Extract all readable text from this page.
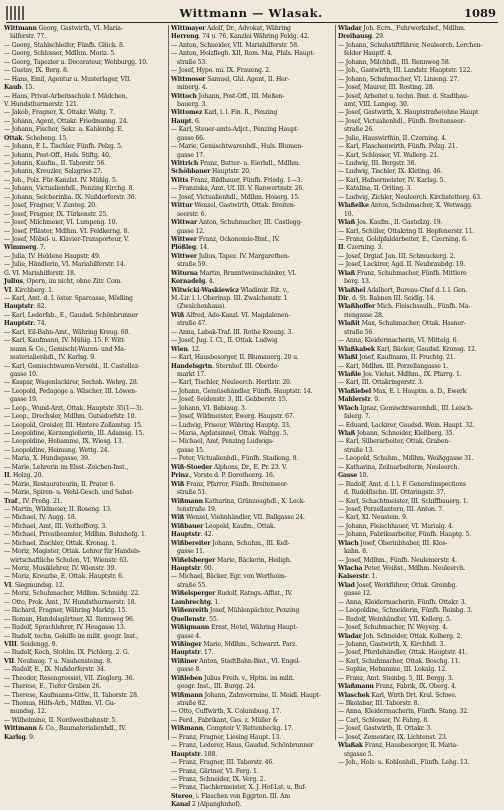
Wittmann — Wlasak.	1089
Wittmann Georg, Gastwirth, VI. Maria-
hilferstr. 77.
— Georg, Stahlschleifer, Fünfh. Glück. 8.
— Georg, Schlosser, Mdlhm. Moriz. 5.
— Georg, Tapezier u. Decorateur, Wehburgg. 10.
— Gustav, IX. Berg. 8.
— Hans, Emil, Agentur u. Musterlager, VII.
Kaub. 15.
— Hans, Privat-Arbeitsschule f. Mädchen,
V. Hundsthurmerstr. 121.
— Jakob, Fragner, X. Ottakr. Waltg. 7.
— Johann, Agent, Ottakr. Friedmanng. 24.
— Johann, Fischer, Sekz. a. Kahlenbg. E.
Ottak. Schebeng. 15.
— Johann, F. L. Tischler, Fünfh. Pelzg. 5.
— Johann, Post-Off., Hels. Stiftg. 40.
— Johann, Kaufm., II. Taborstr. 56.
— Johann, Kreuzler, Salzgries 27.
— Joh., Polz. Für-Kanzlst. IV. Mühlg. 5.
— Johann, Victualienhdl., Penzing Kirchg. 8.
— Johann, Selcherinha. IX. Nußdorferstr. 36.
— Josef, Fragner, V. Zenteg. 20.
— Josef, Fragner, IX. Türkenstr. 25.
— Josef, Milchmeier, VI. Lumpeng. 10.
— Josef, Pfläster, Mdlhm. VI. Feldkerng. 8.
— Josef, Möbel- u. Klavier-Transporteur, V.
Wimmerg. 7.
— Julia, IV. Heldene Haupstr. 49.
— Julie, Händlerin, VI. Mariahilferstr. 14.
G. VI. Mariahilferstr. 18.
Julius, Opern, im nicht, ohne Zitr. Com.
VI. Kirchberg. 1.
— Karl, Amt. d. I. öster. Sparcasse, Mödling
Hauptstr. 82.
— Karl, Lederfab., E., Gaudsd. Schönbrunner
Hauptstr. 74.
— Karl, Eil-Bahn-Amt., Währing Kreug. 60.
— Karl, Kaufmann, IV. Mühlg. 15. F. Witt-
mann & Co., Gemischt-Waren- und Ma-
materialienhdl., IV. Karlsg. 9.
— Karl, Gemischtwaren-Versehl., II. Castellez-
gasse 10.
— Kaspar, Wagenlackirer, Sechsh. Wehrg. 28.
— Leopold, Pedagoge a. Wäscher, III. Löwen-
gasse 19.
— Leop., Wund-Arzt, Ottak. Hauptstr. 35(1—3).
— Leop., Drechsler, Mdlhm. Gutsidorfstr. 10.
— Leopold, Greisler, III. Hintere Zollamtsg. 15.
— Leopoldine, Kerzengießerin, III. Adamsg. 15.
— Leopoldine, Hebamme, IX. Wiesg. 13.
— Leopoldine, Heimung, Wettg. 24.
— Maria, X. Hundsgasse, 39.
— Marie, Lehrerin im Elsst.-Zeichen-Inst.,
II. Holzg. 20.
— Marie, Restaurateurin, II. Prater 6.
— Marie, Spiren- u. Wehl-Gesch. und Sabat-
Traf., IV. Preßg. 21.
— Martin, Wildmeier, II. Roseng. 13.
— Michael, IV. Augg. 18.
— Michael, Amt, III. Veithofferg. 3.
— Michael, Privatbeamter, Mdlhm. Bahnhofg. 1.
— Michael, Zischler, Ottak. Kronag. 1.
— Moriz, Magister, Ottak. Lehrer für Handels-
wirtschaftliche Schulen, VI. Wienstr. 63.
— Moriz, Musiklehrer, IV. Wienstr. 39.
— Moriz, Kreuzbe, E. Ottak. Hauptstr. 6.
VI. Siegmundsg. 12.
— Moriz, Schuhmacher, Mdlhm. Schmidg. 22.
— Otto, Prok. Amt., IV. Hundsthurmerstr. 18.
— Richard, Fragner, Währing Marktg. 15.
— Roman, Handelsgärtner, XI. Rennweg 96.
— Rudolf, Sprachlehrer, IV. Heugasse 13.
— Rudolf, techn. Gehilfe im milit. geogr. Inst.,
VIII. Seidengg. 9.
— Rudolf, Koch, Stohlm. IX. Pichlerg. 2. G.
VII. Neubaug. 7 u. Nauhensteing. 8.
— Rudolf, E., IX. Nußdorferstr. 34.
— Theodor, Rosengrossist, VII. Zieglerg. 36.
— Therese, E., Tiefer Graben 26.
— Therese, Kaufmanns-Gttw., II. Taborstr. 28.
— Thomas, Hilfs-Arb., Mdlhm. VI. Gu-
mundsg. 12.
— Wilhelmine, II. Nordwestbahnstr. 5.
Wittmann & Co., Baumaterialienhdl., IV.
Karlsg. 9.
Wittmayer Adolf, Dr., Advokat, Währing
Herreng. 74 u. 76, Kanzlei Währing Feldg. 42.
— Anton, Schneider, VII. Mariahilferstr. 58.
— Anton, Holzflegh. XII, Rom. Mai, Phils. Haupt-
straße 53.
— Josef, Hypo. mi. IX. Fraueng. 2.
Wittmoser Samuel, Ghl. Agent, II. Her-
minerg. 4.
Wittoch Johann, Post-Off., III. Meßen-
bauerg. 3.
Wittomez Karl, l. l. Fin. R., Penzing
Haupt. 6.
— Karl, Steuer-amts-Adjct., Penzing Haupt-
gasse 66.
— Marie, Gemischtwarenhdl., Huls. Blumen-
gasse 17.
Wittrich Franz, Butter- u. Eierhdl., Mdlhm.
Schöhbauer Hauptstr. 20.
Witts Franz, Bildhauer, Fünfh. Friedg. 1—3.
— Franziska, Amt. Uf. III. V. Ranwertnstr. 26.
— Josef, Victualienhdl., Mdlhm. Hoserg. 15.
Wittur Wenzel, Gastwirth, Ottak. Breiten-
seerstr. 6.
Wittwar Anton, Schuhmacher, III. Castlegg-
gasse 12.
Wittwer Franz, Ockonomie-Bmt., IV.
Plößleg. 14.
Wittwer Julius, Tapez. IV. Margarethen-
straße 59.
Witurna Martin, Branntweinschänker, VI.
Kornadelg. 4.
Witwicki-Waskiewicz Wladimir. Rit. v.,
M.-Lir. l. l. Oberinsp. III. Zwalchenstr. 1
(Zwalchenhaus).
Wiß Alfred, Ado-Kanzl. VI. Magdalenen-
straße 47.
— Anna, Labak-Traf. III. Rothe Kreuzg. 3.
— Josef, Jug. I. Cl., II. Ottak. Ludwig
Wien. 12.
— Karl, Hausbesorger, II. Blumauerg. 20 u.
Handelsgrtn. Sternhof. III. Oberde-
markt 17.
— Karl, Tischler, Neuleerch. Hertlstr. 20.
— Johann, Gemüsehändler, Fünfh. Hauptstr. 14.
— Josef, Seidenstr. 3, III. Gebberstr. 15.
— Johann, VI. Babiaug. 3.
— Josef, Wildmeister, Ewerg. Haupstr. 67.
— Ludwig, Friseur, Währing Hauptg. 33.
— Maria, Agdatsinnel, Ottak. Waltgg. 5.
— Michael, Amt, Penzing Ludwigs-
gasse 15.
— Peter, Victualienhdl., Fünfh. Stadiong. 9.
Wiß-Stoeder Alphons, Dr., E. Pr. 23. V.
Prinz., Vorste d. P. Dorotheerg. 16.
Wiß Franz, Pfarrer, Fünfh. Breitenseer-
straße 51.
Wißmann Katharina, Grünzeughdl., X. Leck-
tenstraße 19.
Wiß Wenzel, Viehnhändler, VII. Ballgasse 24.
Wißbauer Leopold, Kaufm., Ottak.
Hauptstr. 42.
Wißbereiter Johann, Schuhm., III. Kell-
gasse 11.
Wißelsberger Marie, Bäckerin, Heiligh.
Hauptstr. 90.
— Michael, Bäcker, Egr. von Wertheim-
straße 55.
Wißelsperger Rudolf, Ratngs.-Affist., IV.
Lambrechtg. 1.
Wißenreith Josef, Mühlenpächter, Penzing
Quellenstr. 55.
Wißigmann Ernst, Hotel, Währing Haupt-
gasse 4.
Wißinger Marie, Mdlhm., Schwarzt. Parz.
Hauptstr. 17.
Wißiner Anton, StadtBahn-Bmt., VI. Engel-
gasse 8.
Wißleben Julius Freih. v., Hptm. im milit.
geogr. Inst., III. Burgg. 24.
Wißmann Johann, Zahnvormine, II. Meidl. Haupt-
straße 82.
— Otto, Cuffwirth, X. Columbusg. 17.
— Ferd., Fabrikant, Ges. z. Müller &
Wißmann, Comptoir V. Rettenbeckg. 17.
— Franz, Fragner, Liesing Haupt. 13.
— Franz, Lederer, Haus, Gaudsd. Schönbrunner
Hauptstr. 188.
— Franz, Fragner, III. Taborstr. 46.
— Franz, Gärtner, VI. Ferg. 1.
— Franz, Schneider, IX. Verg. 2.
— Franz, Tischlermeister, X. J. Hof-Lst. u. Buf-
Stereo, i. Flaschen von Eggrten. III. Am
Kanal 2 (Alpanghnhof).
Wladar Joh. Ecrn., Fuhrwerksbef., Mdlhm.
Dreihausg. 29.
— Johann, Schuhstiftführer, Neuleerch. Lerchen-
felder Hauptf. 4.
— Johann, Milchhdl., III. Rennweg 58.
— Joh., Gastwirth, III. Landstr. Hauptstr. 122.
— Johann, Schuhmacher, VI. Linieng. 27.
— Josef, Maurer, III. Rosting. 28.
— Josef, Arbeitet u. techn. Bmt. d. Stadtbau-
amt, VIII. Langeg. 30.
— Josef, Gastwirth, X. Hauptstraße(ohne Haupt
— Josef, Victualienhdl., Fünfh. Breitenseer-
straße 26.
— Julie, Hauswirthin, II. Czerning. 4.
— Karl, Flaschenwirth, Fünfh. Pelzg. 21.
— Karl, Schlosser, VI. Wallerg. 21.
— Ludwig, III. Bergstr. 36.
— Ludwig, Tischler, IX. Kleting. 46.
— Karl, Hafnermeister, IV. Karlsg. 5.
— Katalina, II. Oriting. 3.
— Ludwig, Zichler, Neuleerch. Kirchstetterg. 63.
Wlaßelke Anton, Schuhmacher, X. Wetwagg.
10.
Wlaß Jos. Kaufm., II. Gastellzg. 19.
— Karl, Schüler, Ottakring II. Hepfenerstr. 11.
— Franz, Goldpfaldarbeiter, E., Czerning. 6.
II. Czerning. 3.
— Josef, Drgiaf. Jan. III. Schmuckerg. 2.
— Josef, Lackirer, Agd. II. Neubraubdg. 19.
Wlaß Franz, Schuhmacher, Fünfh. Mittlere
berg. 13.
Wlaßhel Adalbert, Bureau-Chef d. l. l. Gen.
Dir. d. St. Bahnen III. Seidlg. 14.
Wlaßhoffer Mich. Fleischsaulh., Fünfh. Ma-
riengasse 28.
Wlaßit Max, Schuhmacher, Ottak. Hasner-
straße 56.
— Anna, Kleidermacherin, VI. Mittelg. 6.
Wlaßkabek Karl, Bäcker, Gaudsd. Kronsg. 12.
Wlaßl Josef, Kaufmann, II. Fruchtg. 21.
— Karl, Mdlhm. III. Porzellangasse 1.
Wlaßle Jos. Viehst. Mdlhm., IX. Pfarrg. 1.
— Karl, III. Ottakringerstr. 3.
Wlaßiebel Max, E. l. Hauptm. a. D., Ewerk
Mahlerstr. 9.
Wlach Ignaz, Gemischtwarenhdl., III. Leisch-
falerg. 7.
— Eduard, Lackirer, Gaudsd. Wein. Haupt. 32.
Wlaß Johann, Schneider, Kleßberg. 35.
— Karl, Silberarbeiter, Ottak. Graben-
straße 13.
— Leopold, Schuhm., Mdlhm. Weißggasse 31.
— Katharina, Zeilnarbeiterin, Neuleerch.
Gasse 10.
— Rudolf, Amt. d. l. l. F. Generalinspections
d. Rudolfischn. III. Ottaringstr. 37.
— Karl, Schachtmeister, III. Schiffbauerg. 1.
— Josef, Porzellantern, III. Anton. 7.
— Karl, XI. Neustein. 9.
— Johann, Fleischhauer, VI. Marialg. 4.
— Johann, Fabriksarbeiter, Fünfh. Hauptg. 5.
Wlach Josef, Oberinbhaber, III. Klos-
kahn. 8.
— Josef, Mdlhm., Fünfh. Neulemerstr. 4.
Wlacha Peter, Weißst., Mdlhm. Neuleerch.
Kaiserstr. 1.
Wlad Josef, Werkführer, Ottak. Greinbg.
gasse 12.
— Anna, Kleidermacherin, Fünfh. Ottakr. 3.
— Leopoldine, Schneiderin, Fünfh. Reinbg. 3.
— Rudolf, Weinhändler, VII. Kellerg. 5.
— Josef, Schuhmacher, IV. Weyerg. 4.
Wladar Joh. Schneider, Ottak. Kolberg. 2.
— Johann, Gastwirth, X. Kirchhdl. 3.
— Josef, Pferdehändler, Ottak. Hauptstr. 41.
— Karl, Schuhmacher, Ottak. Boschg. 11.
— Sophie, Hebamme, III. Lokalg. 12.
— Franz, Amt. Steinbg. 5, III. Bergg. 3.
Wlaßmann Franz, Fabrik, IX. Oberg. 4.
Wlaschek Karl, Wirth Drt. Kral. Schwe.
— Bkolabar, III. Taborstr. 8.
— Anna, Kleidermacherin, Fünfh. Stang. 32.
— Carl, Schlosser, IV. Fahrg. 8.
— Josef, Gastwirth, II. Ottakr. 3.
— Josef, Zementier, IX. Lichtenst. 23.
Wlaßak Franz, Hausbesorger, II. Maria-
stgasse 5.
— Joh., Holz- u. Kohlenhdl., Fünfh. Lehg. 13.
